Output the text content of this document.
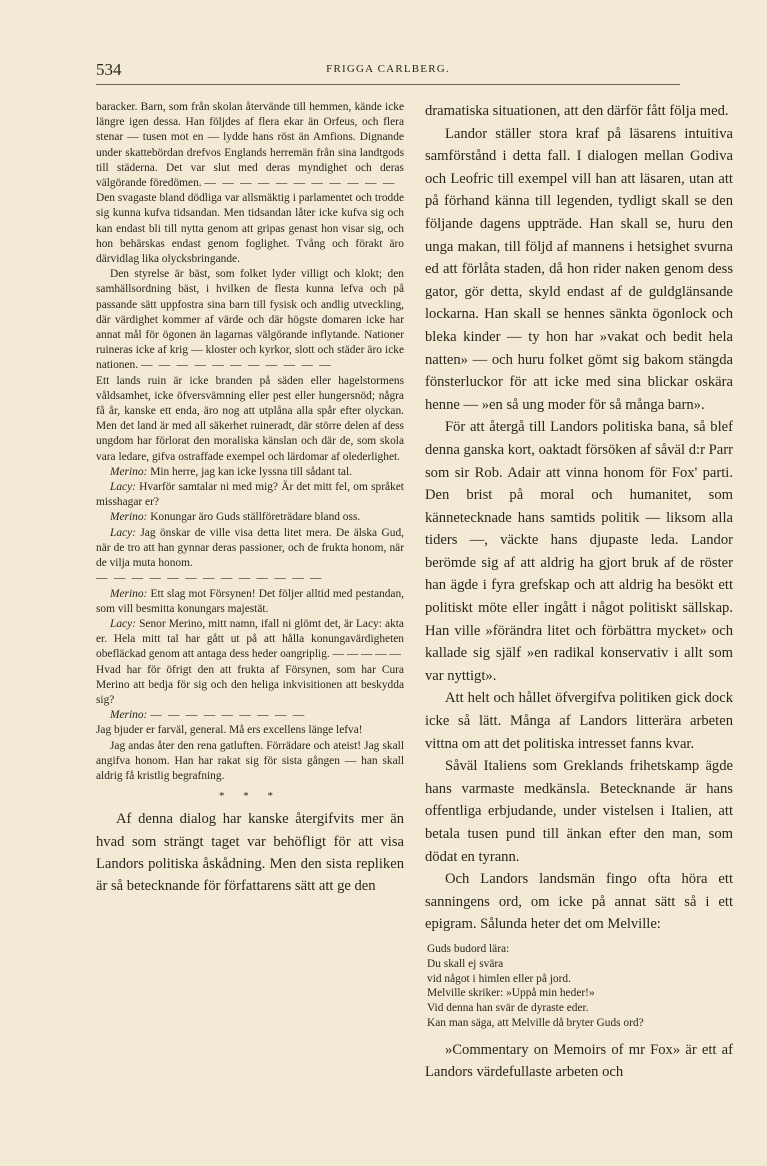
534	FRIGGA CARLBERG.

baracker. Barn, som från skolan återvände till hemmen, kände icke längre igen dessa. Han följdes af flera ekar än Orfeus, och flera stenar — tusen mot en — lydde hans röst än Amfions. Dignande under skattebördan drefvos Englands herremän från sina landtgods till städerna. Det var slut med deras myndighet och deras välgörande föredömen. — — — — — — — — — — —

Den svagaste bland dödliga var allsmäktig i parlamentet och trodde sig kunna kufva tidsandan. Men tidsandan låter icke kufva sig och kan endast bli till nytta genom att gripas genast hon visar sig, och hon behärskas endast genom foglighet. Tvång och förakt äro därvidlag lika olycksbringande.

Den styrelse är bäst, som folket lyder villigt och klokt; den samhällsordning bäst, i hvilken de flesta kunna lefva och på passande sätt uppfostra sina barn till fysisk och andlig utveckling, där värdighet kommer af värde och där högste domaren icke har annat mål för ögonen än lagarnas välgörande inflytande. Nationer ruineras icke af krig — kloster och kyrkor, slott och städer äro icke nationen. — — — — — — — — — — —

Ett lands ruin är icke branden på säden eller hagelstormens våldsamhet, icke öfversvämning eller pest eller hungersnöd; några få år, kanske ett enda, äro nog att utplåna alla spår efter olyckan. Men det land är med all säkerhet ruineradt, där större delen af dess ungdom har förlorat den moraliska känslan och där de, som skola vara ledare, gifva ostraffade exempel och lärdomar af olederlighet.

Merino: Min herre, jag kan icke lyssna till sådant tal.

Lacy: Hvarför samtalar ni med mig? Är det mitt fel, om språket misshagar er?

Merino: Konungar äro Guds ställföreträdare bland oss.

Lacy: Jag önskar de ville visa detta litet mera. De älska Gud, när de tro att han gynnar deras passioner, och de frukta honom, när de vilja muta honom.

— — — — — — — — — — — — —

Merino: Ett slag mot Försynen! Det följer alltid med pestandan, som vill besmitta konungars majestät.

Lacy: Senor Merino, mitt namn, ifall ni glömt det, är Lacy: akta er. Hela mitt tal har gått ut på att hålla konungavärdigheten obefläckad genom att antaga dess heder oangriplig. — — — — —

Hvad har för öfrigt den att frukta af Försynen, som har Cura Merino att bedja för sig och den heliga inkvisitionen att beskydda sig?

Merino: — — — — — — — — —

Jag bjuder er farväl, general. Må ers excellens länge lefva!

Jag andas åter den rena gatluften. Förrädare och ateist! Jag skall angifva honom. Han har rakat sig för sista gången — han skall aldrig få kristlig begrafning.

* * *

Af denna dialog har kanske återgifvits mer än hvad som strängt taget var behöfligt för att visa Landors politiska åskådning. Men den sista repliken är så betecknande för författarens sätt att ge den

dramatiska situationen, att den därför fått följa med.

Landor ställer stora kraf på läsarens intuitiva samförstånd i detta fall. I dialogen mellan Godiva och Leofric till exempel vill han att läsaren, utan att på förhand känna till legenden, tydligt skall se den följande dagens uppträde. Han skall se, huru den unga makan, till följd af mannens i hetsighet svurna ed att förlåta staden, då hon rider naken genom dess gator, gör detta, skyld endast af de guldglänsande lockarna. Han skall se hennes sänkta ögonlock och bleka kinder — ty hon har »vakat och bedit hela natten» — och huru folket gömt sig bakom stängda fönsterluckor för att icke med sina blickar oskära henne — »en så ung moder för så många barn».

För att återgå till Landors politiska bana, så blef denna ganska kort, oaktadt försöken af såväl d:r Parr som sir Rob. Adair att vinna honom för Fox' parti. Den brist på moral och humanitet, som kännetecknade hans samtids politik — liksom alla tiders —, väckte hans djupaste leda. Landor berömde sig af att aldrig ha gjort bruk af de röster han ägde i fyra grefskap och att aldrig ha besökt ett politiskt möte eller ingått i något politiskt sällskap. Han ville »förändra litet och förbättra mycket» och kallade sig själf »en radikal konservativ i allt som var nyttigt».

Att helt och hållet öfvergifva politiken gick dock icke så lätt. Många af Landors litterära arbeten vittna om att det politiska intresset fanns kvar.

Såväl Italiens som Greklands frihetskamp ägde hans varmaste medkänsla. Betecknande är hans offentliga erbjudande, under vistelsen i Italien, att betala tusen pund till änkan efter den man, som dödat en tyrann.

Och Landors landsmän fingo ofta höra ett sanningens ord, om icke på annat sätt så i ett epigram. Sålunda heter det om Melville:

Guds budord lära:
Du skall ej svära
vid något i himlen eller på jord.
Melville skriker: »Uppå min heder!»
Vid denna han svär de dyraste eder.
Kan man säga, att Melville då bryter Guds ord?

»Commentary on Memoirs of mr Fox» är ett af Landors värdefullaste arbeten och
